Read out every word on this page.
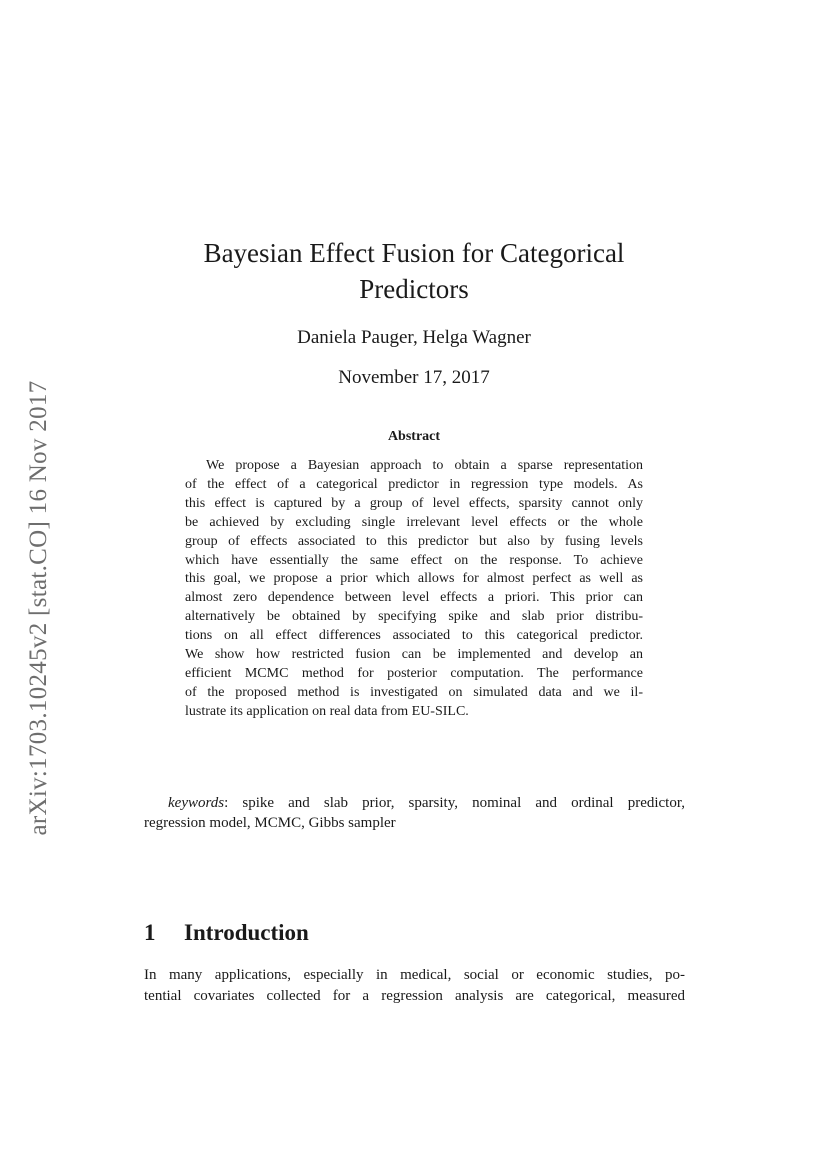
arXiv:1703.10245v2 [stat.CO] 16 Nov 2017
Bayesian Effect Fusion for Categorical
Predictors
Daniela Pauger, Helga Wagner
November 17, 2017
Abstract
We propose a Bayesian approach to obtain a sparse representation
of the effect of a categorical predictor in regression type models. As
this effect is captured by a group of level effects, sparsity cannot only
be achieved by excluding single irrelevant level effects or the whole
group of effects associated to this predictor but also by fusing levels
which have essentially the same effect on the response. To achieve
this goal, we propose a prior which allows for almost perfect as well as
almost zero dependence between level effects a priori. This prior can
alternatively be obtained by specifying spike and slab prior distribu-
tions on all effect differences associated to this categorical predictor.
We show how restricted fusion can be implemented and develop an
efficient MCMC method for posterior computation. The performance
of the proposed method is investigated on simulated data and we il-
lustrate its application on real data from EU-SILC.
keywords: spike and slab prior, sparsity, nominal and ordinal predictor,
regression model, MCMC, Gibbs sampler
1 Introduction
In many applications, especially in medical, social or economic studies, po-
tential covariates collected for a regression analysis are categorical, measured
